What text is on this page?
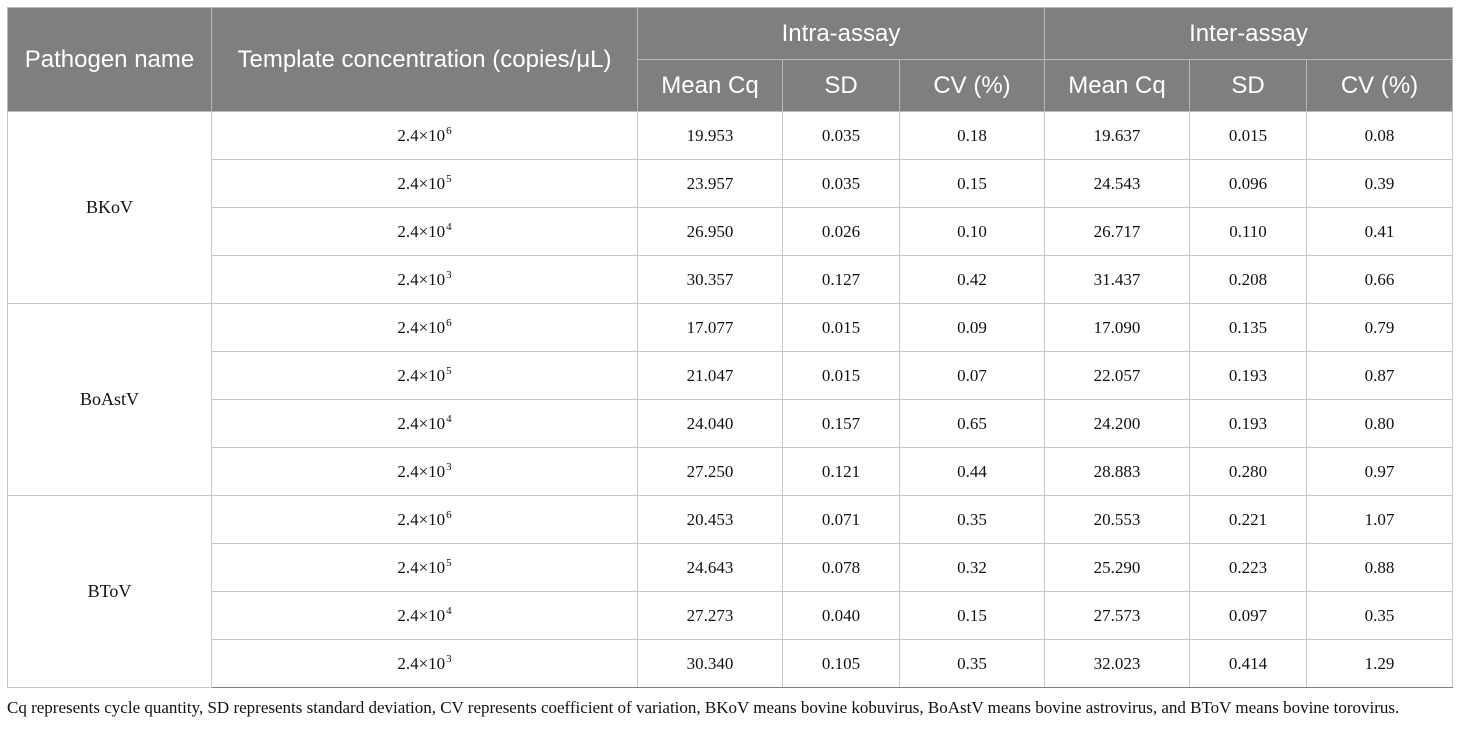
Pathogen name	Template concentration (copies/μL)	Intra-assay			Inter-assay		
		Mean Cq	SD	CV (%)	Mean Cq	SD	CV (%)
BKoV	$2.4\times 10^6$	19.953	0.035	0.18	19.637	0.015	0.08
	$2.4\times 10^5$	23.957	0.035	0.15	24.543	0.096	0.39
	$2.4\times 10^4$	26.950	0.026	0.10	26.717	0.110	0.41
	$2.4\times 10^3$	30.357	0.127	0.42	31.437	0.208	0.66
BoAstV	$2.4\times 10^6$	17.077	0.015	0.09	17.090	0.135	0.79
	$2.4\times 10^5$	21.047	0.015	0.07	22.057	0.193	0.87
	$2.4\times 10^4$	24.040	0.157	0.65	24.200	0.193	0.80
	$2.4\times 10^3$	27.250	0.121	0.44	28.883	0.280	0.97
BToV	$2.4\times 10^6$	20.453	0.071	0.35	20.553	0.221	1.07
	$2.4\times 10^5$	24.643	0.078	0.32	25.290	0.223	0.88
	$2.4\times 10^4$	27.273	0.040	0.15	27.573	0.097	0.35
	$2.4\times 10^3$	30.340	0.105	0.35	32.023	0.414	1.29

Cq represents cycle quantity, SD represents standard deviation, CV represents coefficient of variation, BKoV means bovine kobuvirus, BoAstV means bovine astrovirus, and BToV means bovine torovirus.
